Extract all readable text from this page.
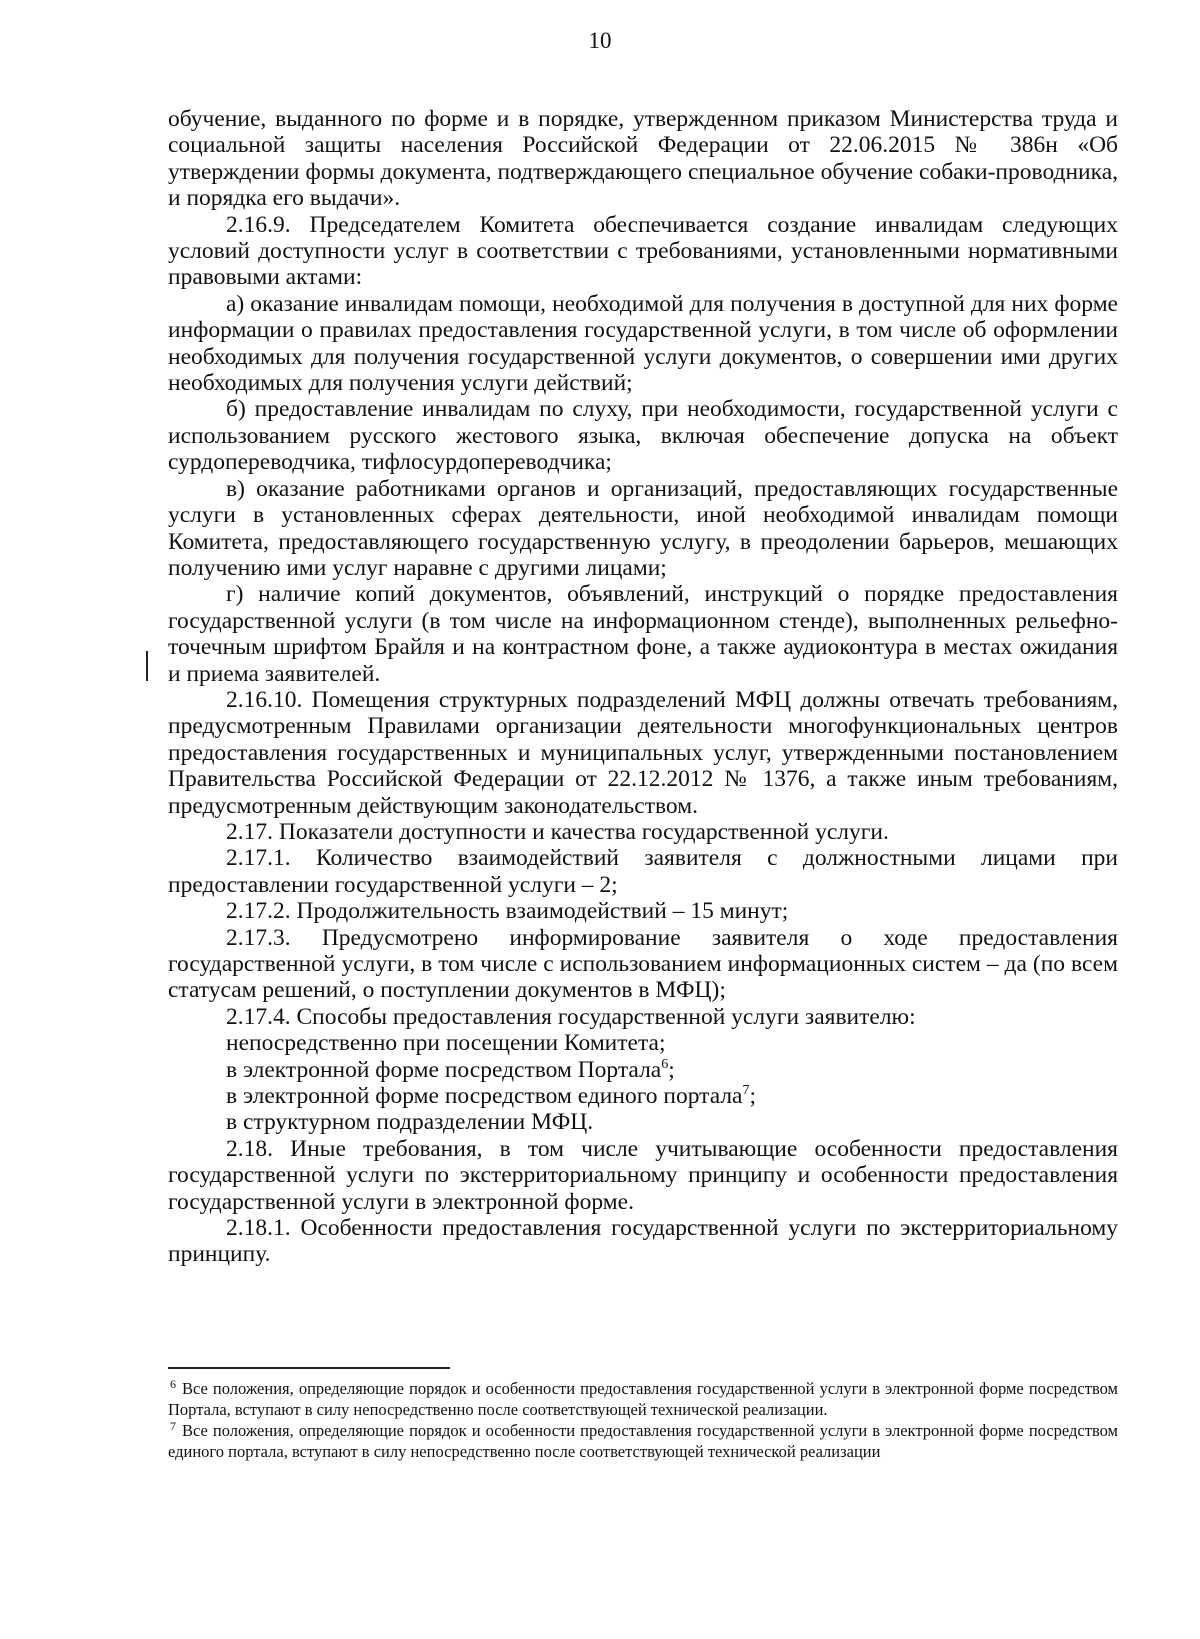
10

обучение, выданного по форме и в порядке, утвержденном приказом Министерства труда и социальной защиты населения Российской Федерации от 22.06.2015 № 386н «Об утверждении формы документа, подтверждающего специальное обучение собаки-проводника, и порядка его выдачи».

2.16.9. Председателем Комитета обеспечивается создание инвалидам следующих условий доступности услуг в соответствии с требованиями, установленными нормативными правовыми актами:

а) оказание инвалидам помощи, необходимой для получения в доступной для них форме информации о правилах предоставления государственной услуги, в том числе об оформлении необходимых для получения государственной услуги документов, о совершении ими других необходимых для получения услуги действий;

б) предоставление инвалидам по слуху, при необходимости, государственной услуги с использованием русского жестового языка, включая обеспечение допуска на объект сурдопереводчика, тифлосурдопереводчика;

в) оказание работниками органов и организаций, предоставляющих государственные услуги в установленных сферах деятельности, иной необходимой инвалидам помощи Комитета, предоставляющего государственную услугу, в преодолении барьеров, мешающих получению ими услуг наравне с другими лицами;

г) наличие копий документов, объявлений, инструкций о порядке предоставления государственной услуги (в том числе на информационном стенде), выполненных рельефно-точечным шрифтом Брайля и на контрастном фоне, а также аудиоконтура в местах ожидания и приема заявителей.

2.16.10. Помещения структурных подразделений МФЦ должны отвечать требованиям, предусмотренным Правилами организации деятельности многофункциональных центров предоставления государственных и муниципальных услуг, утвержденными постановлением Правительства Российской Федерации от 22.12.2012 № 1376, а также иным требованиям, предусмотренным действующим законодательством.

2.17. Показатели доступности и качества государственной услуги.

2.17.1. Количество взаимодействий заявителя с должностными лицами при предоставлении государственной услуги – 2;

2.17.2. Продолжительность взаимодействий – 15 минут;

2.17.3. Предусмотрено информирование заявителя о ходе предоставления государственной услуги, в том числе с использованием информационных систем – да (по всем статусам решений, о поступлении документов в МФЦ);

2.17.4. Способы предоставления государственной услуги заявителю:

непосредственно при посещении Комитета;

в электронной форме посредством Портала$^6$;

в электронной форме посредством единого портала$^7$;

в структурном подразделении МФЦ.

2.18. Иные требования, в том числе учитывающие особенности предоставления государственной услуги по экстерриториальному принципу и особенности предоставления государственной услуги в электронной форме.

2.18.1. Особенности предоставления государственной услуги по экстерриториальному принципу.

$^6$ Все положения, определяющие порядок и особенности предоставления государственной услуги в электронной форме посредством Портала, вступают в силу непосредственно после соответствующей технической реализации.

$^7$ Все положения, определяющие порядок и особенности предоставления государственной услуги в электронной форме посредством единого портала, вступают в силу непосредственно после соответствующей технической реализации
